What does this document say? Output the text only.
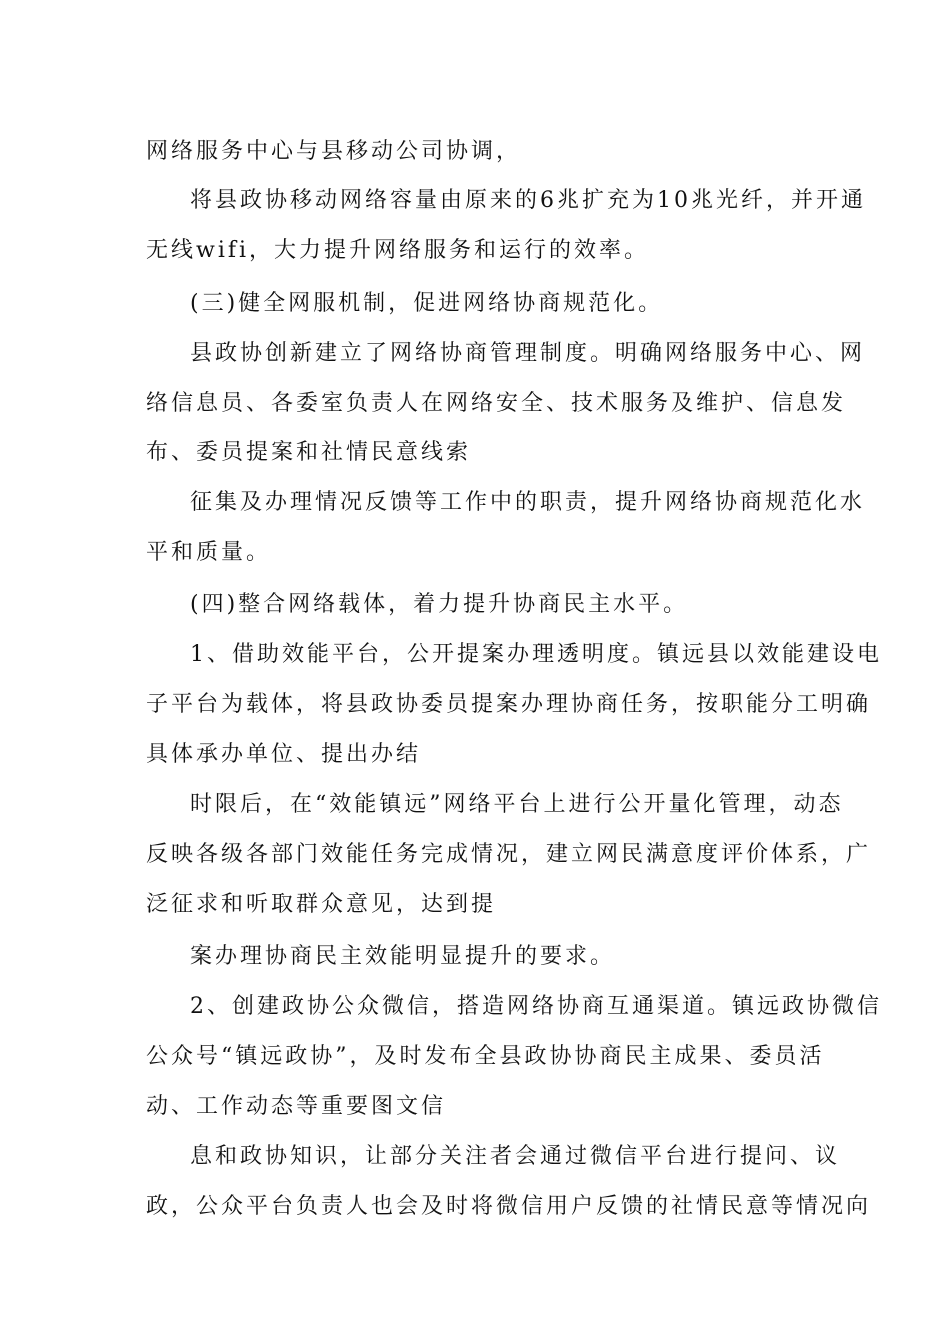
网络服务中心与县移动公司协调，
将县政协移动网络容量由原来的6兆扩充为10兆光纤，并开通
无线wifi，大力提升网络服务和运行的效率。
(三)健全网服机制，促进网络协商规范化。
县政协创新建立了网络协商管理制度。明确网络服务中心、网
络信息员、各委室负责人在网络安全、技术服务及维护、信息发
布、委员提案和社情民意线索
征集及办理情况反馈等工作中的职责，提升网络协商规范化水
平和质量。
(四)整合网络载体，着力提升协商民主水平。
1、借助效能平台，公开提案办理透明度。镇远县以效能建设电
子平台为载体，将县政协委员提案办理协商任务，按职能分工明确
具体承办单位、提出办结
时限后，在“效能镇远”网络平台上进行公开量化管理，动态
反映各级各部门效能任务完成情况，建立网民满意度评价体系，广
泛征求和听取群众意见，达到提
案办理协商民主效能明显提升的要求。
2、创建政协公众微信，搭造网络协商互通渠道。镇远政协微信
公众号“镇远政协”，及时发布全县政协协商民主成果、委员活
动、工作动态等重要图文信
息和政协知识，让部分关注者会通过微信平台进行提问、议
政，公众平台负责人也会及时将微信用户反馈的社情民意等情况向
